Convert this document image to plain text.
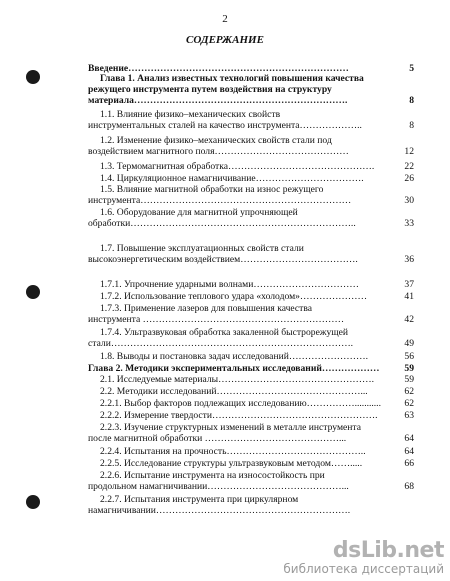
2
СОДЕРЖАНИЕ
Введение……………………………………………………………	5
Глава 1. Анализ известных технологий повышения качества
режущего инструмента путем воздействия на структуру
материала………………………………………………………….	8
1.1. Влияние физико–механических свойств
инструментальных сталей на качество инструмента………………..	8
1.2. Изменение физико–механических свойств стали под
воздействием магнитного поля……………………………………	12
1.3. Термомагнитная обработка……………………………………….	22
1.4. Циркуляционное намагничивание…………………………….	26
1.5. Влияние магнитной обработки на износ режущего
инструмента…………………………………………………………	30
1.6. Оборудование для магнитной упрочняющей
обработки……………………………………………………………..	33
1.7. Повышение эксплуатационных свойств стали
высокоэнергетическим воздействием……………………………….	36
1.7.1. Упрочнение ударными волнами……………………………	37
1.7.2. Использование теплового удара «холодом»…………………	41
1.7.3. Применение лазеров для повышения качества
инструмента ………………………………………………………	42
1.7.4. Ультразвуковая обработка закаленной быстрорежущей
стали………………………………………………………………….	49
1.8. Выводы и постановка задач исследований…………………….	56
Глава 2. Методики экспериментальных исследований………………	59
2.1. Исследуемые материалы………………………………………….	59
2.2. Методики исследований………………………………………...	62
2.2.1. Выбор факторов подлежащих исследованию……………...........	62
2.2.2. Измерение твердости…………………………………………….	63
2.2.3. Изучение структурных изменений в металле инструмента
после магнитной обработки ……………………………………...	64
2.2.4. Испытания на прочность……………………………………..	64
2.2.5. Исследование структуры ультразвуковым методом…….....	66
2.2.6. Испытание инструмента на износостойкость при
продольном намагничивании……………………………………...	68
2.2.7. Испытания инструмента при циркулярном
намагничивании…………………………………………………….
dsLib.net
библиотека диссертаций
